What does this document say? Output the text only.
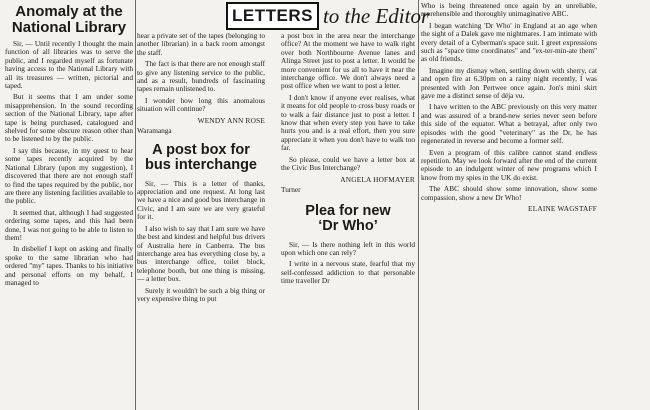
LETTERS to the Editor
Anomaly at the
National Library

Sir, — Until recently I thought the main function of all libraries was to serve the public, and I regarded myself as fortunate having access to the National Library with all its treasures — written, pictorial and taped.

But it seems that I am under some misapprehension. In the sound recording section of the National Library, tape after tape is being purchased, catalogued and shelved for some obscure reason other than to be listened to by the public.

I say this because, in my quest to hear some tapes recently acquired by the National Library (upon my suggestion), I discovered that there are not enough staff to find the tapes required by the public, nor are there any listening facilities available to the public.

It seemed that, although I had suggested ordering some tapes, and this had been done, I was not going to be able to listen to them!

In disbelief I kept on asking and finally spoke to the same librarian who had ordered "my" tapes. Thanks to his initiative and personal efforts on my behalf, I managed to

hear a private set of the tapes (belonging to another librarian) in a back room amongst the staff.

The fact is that there are not enough staff to give any listening service to the public, and as a result, hundreds of fascinating tapes remain unlistened to.

I wonder how long this anomalous situation will continue?

WENDY ANN ROSE

Waramanga

A post box for
bus interchange

Sir, — This is a letter of thanks, appreciation and one request. At long last we have a nice and good bus interchange in Civic, and I am sure we are very grateful for it.

I also wish to say that I am sure we have the best and kindest and helpful bus drivers of Australia here in Canberra. The bus interchange area has everything close by, a bus interchange office, toilet block, telephone booth, but one thing is missing, — a letter box.

Surely it wouldn't be such a big thing or very expensive thing to put

a post box in the area near the interchange office? At the moment we have to walk right over both Northbourne Avenue lanes and Alinga Street just to post a letter. It would be more convenient for us all to have it near the interchange office. We don't always need a post office when we want to post a letter.

I don't know if anyone ever realises, what it means for old people to cross busy roads or to walk a fair distance just to post a letter. I know that when every step you have to take hurts you and is a real effort, then you sure appreciate it when you don't have to walk too far.

So please, could we have a letter box at the Civic Bus Interchange?

ANGELA HOFMAYER

Turner

Plea for new
‘Dr Who’

Sir, — Is there nothing left in this world upon which one can rely?

I write in a nervous state, fearful that my self-confessed addiction to that personable time traveller Dr

Who is being threatened once again by an unreliable, reprehensible and thoroughly unimaginative ABC.

I began watching 'Dr Who' in England at an age when the sight of a Dalek gave me nightmares. I am intimate with every detail of a Cyberman's space suit. I greet expressions such as "space time coordinates" and "ex-ter-min-ate them" as old friends.

Imagine my dismay when, settling down with sherry, cat and open fire at 6.30pm on a rainy night recently, I was presented with Jon Pertwee once again. Jon's mini skirt gave me a distinct sense of déja vu.

I have written to the ABC previously on this very matter and was assured of a brand-new series never seen before this side of the equator. What a betrayal, after only two episodes with the good "veterinary" as the Dr, he has regenerated in reverse and become a former self.

Even a program of this calibre cannot stand endless repetition. May we look forward after the end of the current episode to an indulgent winter of new programs which I know from my spies in the UK do exist.

The ABC should show some innovation, show some compassion, show a new Dr Who!

ELAINE WAGSTAFF
